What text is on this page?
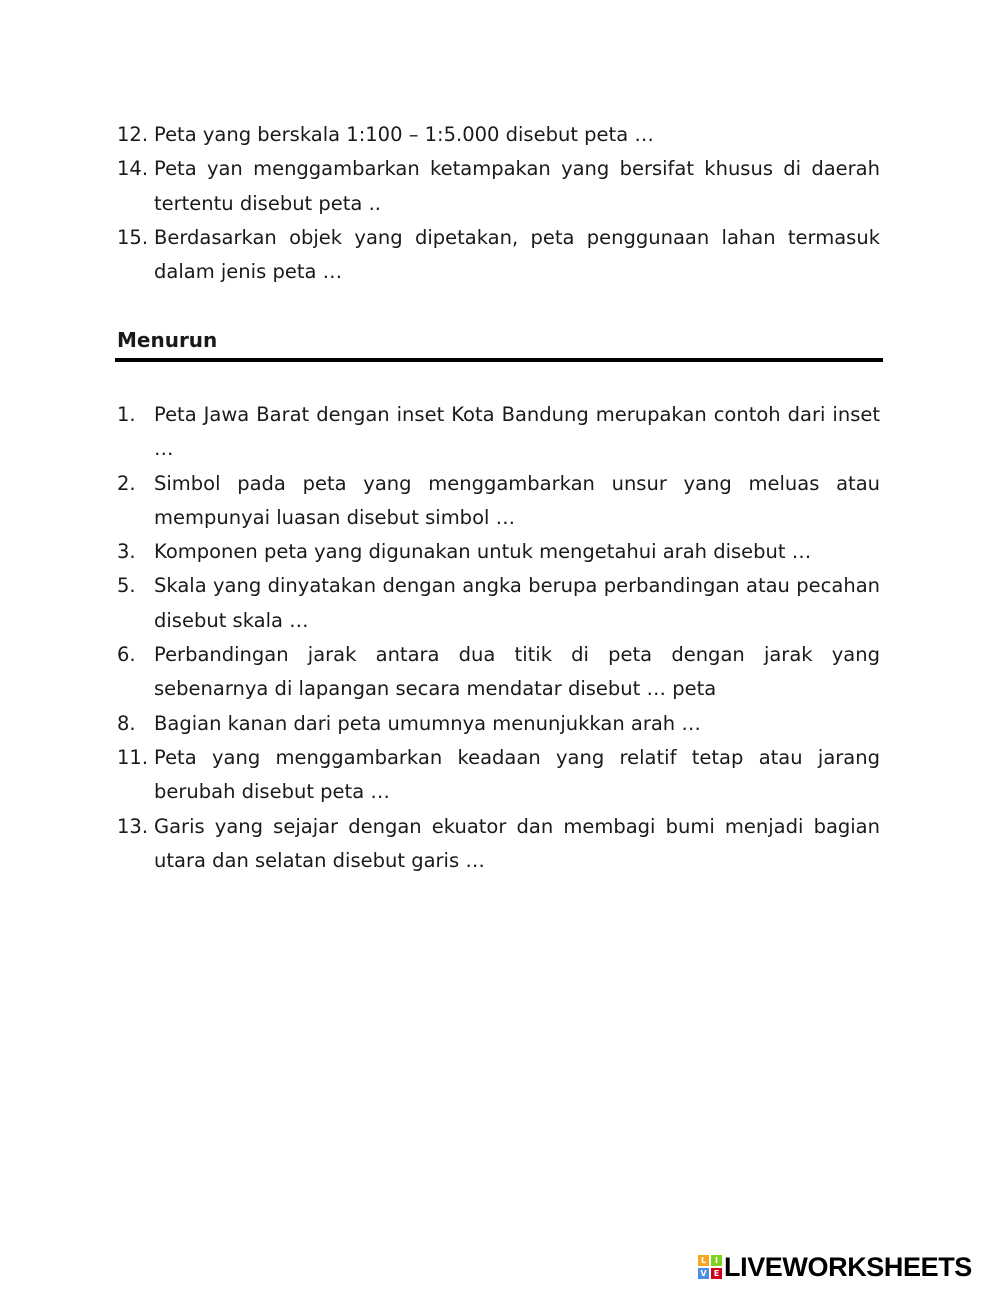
12. Peta yang berskala 1:100 – 1:5.000 disebut peta …
14. Peta yan menggambarkan ketampakan yang bersifat khusus di daerah tertentu disebut peta ..
15. Berdasarkan objek yang dipetakan, peta penggunaan lahan termasuk dalam jenis peta …
Menurun
1. Peta Jawa Barat dengan inset Kota Bandung merupakan contoh dari inset …
2. Simbol pada peta yang menggambarkan unsur yang meluas atau mempunyai luasan disebut simbol …
3. Komponen peta yang digunakan untuk mengetahui arah disebut …
5. Skala yang dinyatakan dengan angka berupa perbandingan atau pecahan disebut skala …
6. Perbandingan jarak antara dua titik di peta dengan jarak yang sebenarnya di lapangan secara mendatar disebut … peta
8. Bagian kanan dari peta umumnya menunjukkan arah …
11. Peta yang menggambarkan keadaan yang relatif tetap atau jarang berubah disebut peta …
13. Garis yang sejajar dengan ekuator dan membagi bumi menjadi bagian utara dan selatan disebut garis …
L	I
V E LIVEWORKSHEETS
